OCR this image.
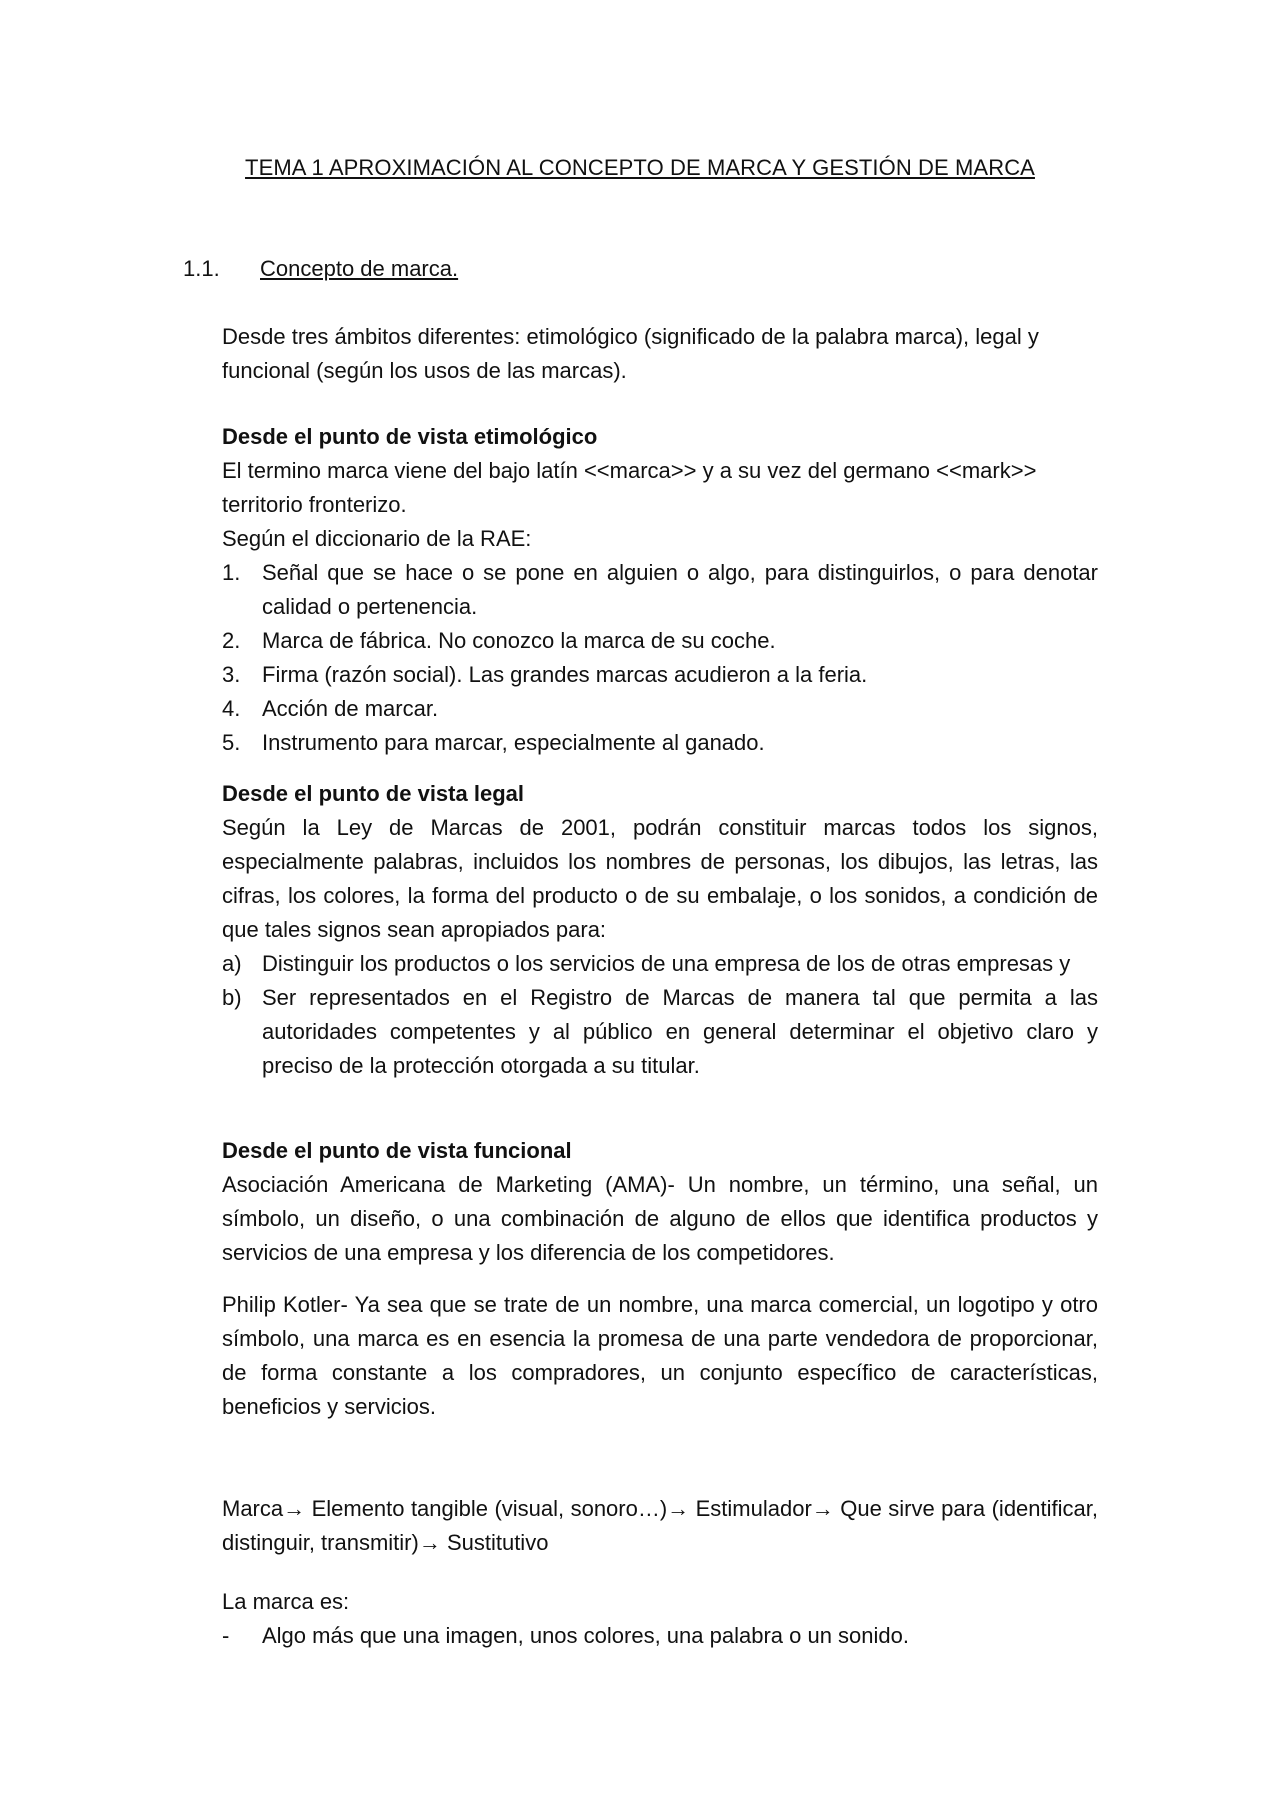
TEMA 1 APROXIMACIÓN AL CONCEPTO DE MARCA Y GESTIÓN DE MARCA
1.1.	Concepto de marca.

Desde tres ámbitos diferentes: etimológico (significado de la palabra marca), legal y funcional (según los usos de las marcas).

Desde el punto de vista etimológico

El termino marca viene del bajo latín <<marca>> y a su vez del germano <<mark>> territorio fronterizo.

Según el diccionario de la RAE:

1. Señal que se hace o se pone en alguien o algo, para distinguirlos, o para denotar calidad o pertenencia.
2. Marca de fábrica. No conozco la marca de su coche.
3. Firma (razón social). Las grandes marcas acudieron a la feria.
4. Acción de marcar.
5. Instrumento para marcar, especialmente al ganado.

Desde el punto de vista legal

Según la Ley de Marcas de 2001, podrán constituir marcas todos los signos, especialmente palabras, incluidos los nombres de personas, los dibujos, las letras, las cifras, los colores, la forma del producto o de su embalaje, o los sonidos, a condición de que tales signos sean apropiados para:

a) Distinguir los productos o los servicios de una empresa de los de otras empresas y
b) Ser representados en el Registro de Marcas de manera tal que permita a las autoridades competentes y al público en general determinar el objetivo claro y preciso de la protección otorgada a su titular.

Desde el punto de vista funcional

Asociación Americana de Marketing (AMA)- Un nombre, un término, una señal, un símbolo, un diseño, o una combinación de alguno de ellos que identifica productos y servicios de una empresa y los diferencia de los competidores.

Philip Kotler- Ya sea que se trate de un nombre, una marca comercial, un logotipo y otro símbolo, una marca es en esencia la promesa de una parte vendedora de proporcionar, de forma constante a los compradores, un conjunto específico de características, beneficios y servicios.

Marca→ Elemento tangible (visual, sonoro…)→ Estimulador→ Que sirve para (identificar, distinguir, transmitir)→ Sustitutivo

La marca es:

-	Algo más que una imagen, unos colores, una palabra o un sonido.
